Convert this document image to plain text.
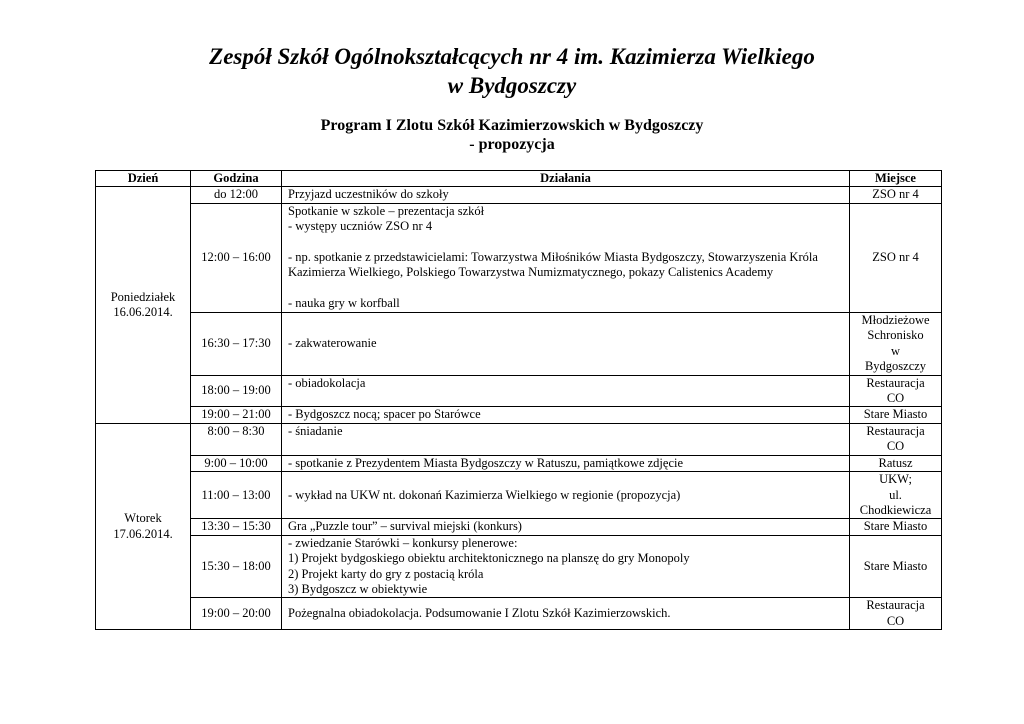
Zespół Szkół Ogólnokształcących nr 4 im. Kazimierza Wielkiego
w Bydgoszczy
Program I Zlotu Szkół Kazimierzowskich w Bydgoszczy
- propozycja
Dzień	Godzina	Działania	Miejsce
Poniedziałek
16.06.2014.	do 12:00	Przyjazd uczestników do szkoły	ZSO nr 4
	12:00 – 16:00	Spotkanie w szkole – prezentacja szkół
- występy uczniów ZSO nr 4

- np. spotkanie z przedstawicielami: Towarzystwa Miłośników Miasta Bydgoszczy, Stowarzyszenia Króla Kazimierza Wielkiego, Polskiego Towarzystwa Numizmatycznego, pokazy Calistenics Academy

- nauka gry w korfball	ZSO nr 4
	16:30 – 17:30	- zakwaterowanie	Młodzieżowe
Schronisko
w
Bydgoszczy
	18:00 – 19:00	- obiadokolacja	Restauracja
CO
	19:00 – 21:00	- Bydgoszcz nocą; spacer po Starówce	Stare Miasto
Wtorek
17.06.2014.	8:00 – 8:30	- śniadanie	Restauracja
CO
	9:00 – 10:00	- spotkanie z Prezydentem Miasta Bydgoszczy w Ratuszu, pamiątkowe zdjęcie	Ratusz
	11:00 – 13:00	- wykład na UKW nt. dokonań Kazimierza Wielkiego w regionie (propozycja)	UKW;
ul.
Chodkiewicza
	13:30 – 15:30	Gra „Puzzle tour” – survival miejski (konkurs)	Stare Miasto
	15:30 – 18:00	- zwiedzanie Starówki – konkursy plenerowe:
1) Projekt bydgoskiego obiektu architektonicznego na planszę do gry Monopoly
2) Projekt karty do gry z postacią króla
3) Bydgoszcz w obiektywie	Stare Miasto
	19:00 – 20:00	Pożegnalna obiadokolacja. Podsumowanie I Zlotu Szkół Kazimierzowskich.	Restauracja
CO
